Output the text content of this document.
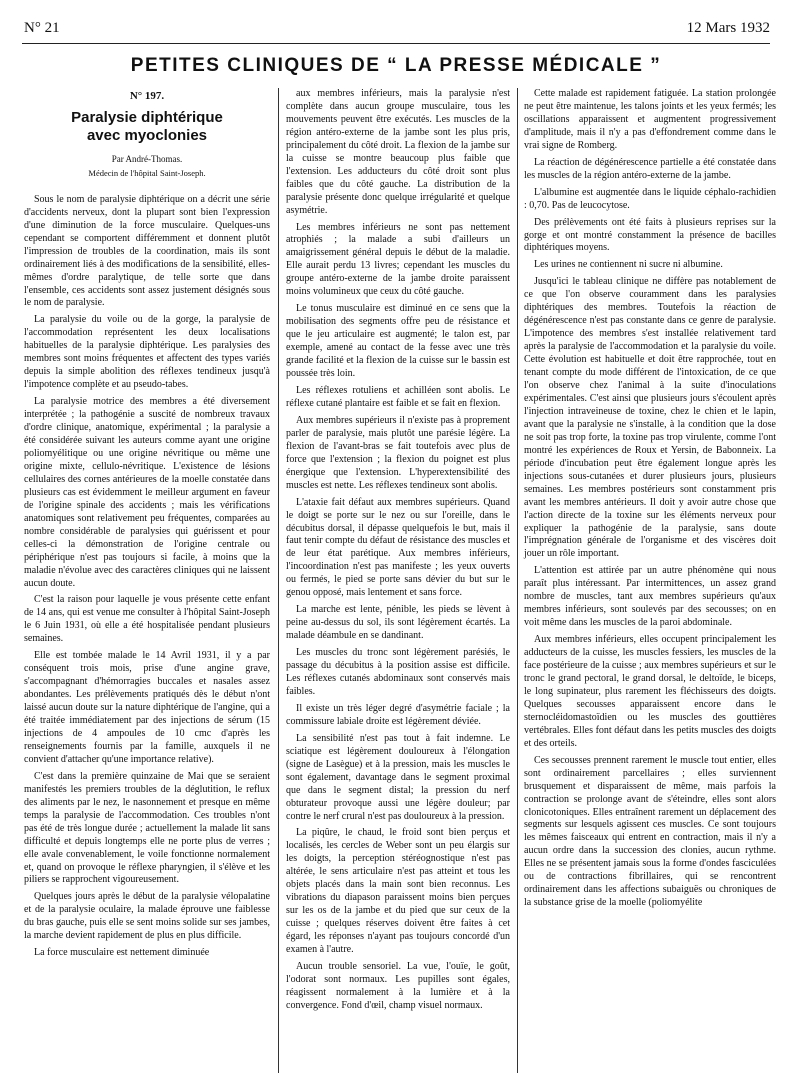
N° 21	12 Mars 1932
PETITES CLINIQUES DE “ LA PRESSE MÉDICALE ”
N° 197.
Paralysie diphtérique
avec myoclonies
Par André-Thomas.
Médecin de l'hôpital Saint-Joseph.

Sous le nom de paralysie diphtérique on a décrit une série d'accidents nerveux, dont la plupart sont bien l'expression d'une diminution de la force musculaire. Quelques-uns cependant se comportent différemment et donnent plutôt l'impression de troubles de la coordination, mais ils sont ordinairement liés à des modifications de la sensibilité, elles-mêmes d'ordre paralytique, de telle sorte que dans l'ensemble, ces accidents sont assez justement désignés sous le nom de paralysie.

La paralysie du voile ou de la gorge, la paralysie de l'accommodation représentent les deux localisations habituelles de la paralysie diphtérique. Les paralysies des membres sont moins fréquentes et affectent des types variés depuis la simple abolition des réflexes tendineux jusqu'à l'impotence complète et au pseudo-tabes.

La paralysie motrice des membres a été diversement interprétée ; la pathogénie a suscité de nombreux travaux d'ordre clinique, anatomique, expérimental ; la paralysie a été considérée suivant les auteurs comme ayant une origine poliomyélitique ou une origine névritique ou même une origine mixte, cellulo-névritique. L'existence de lésions cellulaires des cornes antérieures de la moelle constatée dans plusieurs cas est évidemment le meilleur argument en faveur de l'origine spinale des accidents ; mais les vérifications anatomiques sont relativement peu fréquentes, comparées au nombre considérable de paralysies qui guérissent et pour celles-ci la démonstration de l'origine centrale ou périphérique n'est pas toujours si facile, à moins que la maladie n'évolue avec des caractères cliniques qui ne laissent aucun doute.

C'est la raison pour laquelle je vous présente cette enfant de 14 ans, qui est venue me consulter à l'hôpital Saint-Joseph le 6 Juin 1931, où elle a été hospitalisée pendant plusieurs semaines.

Elle est tombée malade le 14 Avril 1931, il y a par conséquent trois mois, prise d'une angine grave, s'accompagnant d'hémorragies buccales et nasales assez abondantes. Les prélèvements pratiqués dès le début n'ont laissé aucun doute sur la nature diphtérique de l'angine, qui a été traitée immédiatement par des injections de sérum (15 injections de 4 ampoules de 10 cmc d'après les renseignements fournis par la famille, auxquels il ne convient d'attacher qu'une importance relative).

C'est dans la première quinzaine de Mai que se seraient manifestés les premiers troubles de la déglutition, le reflux des aliments par le nez, le nasonnement et presque en même temps la paralysie de l'accommodation. Ces troubles n'ont pas été de très longue durée ; actuellement la malade lit sans difficulté et depuis longtemps elle ne porte plus de verres ; elle avale convenablement, le voile fonctionne normalement et, quand on provoque le réflexe pharyngien, il s'élève et les piliers se rapprochent vigoureusement.

Quelques jours après le début de la paralysie vélopalatine et de la paralysie oculaire, la malade éprouve une faiblesse du bras gauche, puis elle se sent moins solide sur ses jambes, la marche devient rapidement de plus en plus difficile.

La force musculaire est nettement diminuée

aux membres inférieurs, mais la paralysie n'est complète dans aucun groupe musculaire, tous les mouvements peuvent être exécutés. Les muscles de la région antéro-externe de la jambe sont les plus pris, principalement du côté droit. La flexion de la jambe sur la cuisse se montre beaucoup plus faible que l'extension. Les adducteurs du côté droit sont plus faibles que du côté gauche. La distribution de la paralysie présente donc quelque irrégularité et quelque asymétrie.

Les membres inférieurs ne sont pas nettement atrophiés ; la malade a subi d'ailleurs un amaigrissement général depuis le début de la maladie. Elle aurait perdu 13 livres; cependant les muscles du groupe antéro-externe de la jambe droite paraissent moins volumineux que ceux du côté gauche.

Le tonus musculaire est diminué en ce sens que la mobilisation des segments offre peu de résistance et que le jeu articulaire est augmenté; le talon est, par exemple, amené au contact de la fesse avec une très grande facilité et la flexion de la cuisse sur le bassin est poussée très loin.

Les réflexes rotuliens et achilléen sont abolis. Le réflexe cutané plantaire est faible et se fait en flexion.

Aux membres supérieurs il n'existe pas à proprement parler de paralysie, mais plutôt une parésie légère. La flexion de l'avant-bras se fait toutefois avec plus de force que l'extension ; la flexion du poignet est plus énergique que l'extension. L'hyperextensibilité des muscles est nette. Les réflexes tendineux sont abolis.

L'ataxie fait défaut aux membres supérieurs. Quand le doigt se porte sur le nez ou sur l'oreille, dans le décubitus dorsal, il dépasse quelquefois le but, mais il faut tenir compte du défaut de résistance des muscles et de leur état parétique. Aux membres inférieurs, l'incoordination n'est pas manifeste ; les yeux ouverts ou fermés, le pied se porte sans dévier du but sur le genou opposé, mais lentement et sans force.

La marche est lente, pénible, les pieds se lèvent à peine au-dessus du sol, ils sont légèrement écartés. La malade déambule en se dandinant.

Les muscles du tronc sont légèrement parésiés, le passage du décubitus à la position assise est difficile. Les réflexes cutanés abdominaux sont conservés mais faibles.

Il existe un très léger degré d'asymétrie faciale ; la commissure labiale droite est légèrement déviée.

La sensibilité n'est pas tout à fait indemne. Le sciatique est légèrement douloureux à l'élongation (signe de Lasègue) et à la pression, mais les muscles le sont également, davantage dans le segment proximal que dans le segment distal; la pression du nerf obturateur provoque aussi une légère douleur; par contre le nerf crural n'est pas douloureux à la pression.

La piqûre, le chaud, le froid sont bien perçus et localisés, les cercles de Weber sont un peu élargis sur les doigts, la perception stéréognostique n'est pas altérée, le sens articulaire n'est pas atteint et tous les objets placés dans la main sont bien reconnus. Les vibrations du diapason paraissent moins bien perçues sur les os de la jambe et du pied que sur ceux de la cuisse ; quelques réserves doivent être faites à cet égard, les réponses n'ayant pas toujours concordé d'un examen à l'autre.

Aucun trouble sensoriel. La vue, l'ouïe, le goût, l'odorat sont normaux. Les pupilles sont égales, réagissent normalement à la lumière et à la convergence. Fond d'œil, champ visuel normaux.

Cette malade est rapidement fatiguée. La station prolongée ne peut être maintenue, les talons joints et les yeux fermés; les oscillations apparaissent et augmentent progressivement d'amplitude, mais il n'y a pas d'effondrement comme dans le vrai signe de Romberg.

La réaction de dégénérescence partielle a été constatée dans les muscles de la région antéro-externe de la jambe.

L'albumine est augmentée dans le liquide céphalo-rachidien : 0,70. Pas de leucocytose.

Des prélèvements ont été faits à plusieurs reprises sur la gorge et ont montré constamment la présence de bacilles diphtériques moyens.

Les urines ne contiennent ni sucre ni albumine.

Jusqu'ici le tableau clinique ne diffère pas notablement de ce que l'on observe couramment dans les paralysies diphtériques des membres. Toutefois la réaction de dégénérescence n'est pas constante dans ce genre de paralysie. L'impotence des membres s'est installée relativement tard après la paralysie de l'accommodation et la paralysie du voile. Cette évolution est habituelle et doit être rapprochée, tout en tenant compte du mode différent de l'intoxication, de ce que l'on observe chez l'animal à la suite d'inoculations expérimentales. C'est ainsi que plusieurs jours s'écoulent après l'injection intraveineuse de toxine, chez le chien et le lapin, avant que la paralysie ne s'installe, à la condition que la dose ne soit pas trop forte, la toxine pas trop virulente, comme l'ont montré les expériences de Roux et Yersin, de Babonneix. La période d'incubation peut être également longue après les injections sous-cutanées et durer plusieurs jours, plusieurs semaines. Les membres postérieurs sont constamment pris avant les membres antérieurs. Il doit y avoir autre chose que l'action directe de la toxine sur les éléments nerveux pour expliquer la pathogénie de la paralysie, sans doute l'imprégnation générale de l'organisme et des viscères doit jouer un rôle important.

L'attention est attirée par un autre phénomène qui nous paraît plus intéressant. Par intermittences, un assez grand nombre de muscles, tant aux membres supérieurs qu'aux membres inférieurs, sont soulevés par des secousses; on en voit même dans les muscles de la paroi abdominale.

Aux membres inférieurs, elles occupent principalement les adducteurs de la cuisse, les muscles fessiers, les muscles de la face postérieure de la cuisse ; aux membres supérieurs et sur le tronc le grand pectoral, le grand dorsal, le deltoïde, le biceps, le long supinateur, plus rarement les fléchisseurs des doigts. Quelques secousses apparaissent encore dans le sternocléidomastoïdien ou les muscles des gouttières vertébrales. Elles font défaut dans les petits muscles des doigts et des orteils.

Ces secousses prennent rarement le muscle tout entier, elles sont ordinairement parcellaires ; elles surviennent brusquement et disparaissent de même, mais parfois la contraction se prolonge avant de s'éteindre, elles sont alors clonicotoniques. Elles entraînent rarement un déplacement des segments sur lesquels agissent ces muscles. Ce sont toujours les mêmes faisceaux qui entrent en contraction, mais il n'y a aucun ordre dans la succession des clonies, aucun rythme. Elles ne se présentent jamais sous la forme d'ondes fasciculées ou de contractions fibrillaires, qui se rencontrent ordinairement dans les affections subaiguës ou chroniques de la substance grise de la moelle (poliomyélite
